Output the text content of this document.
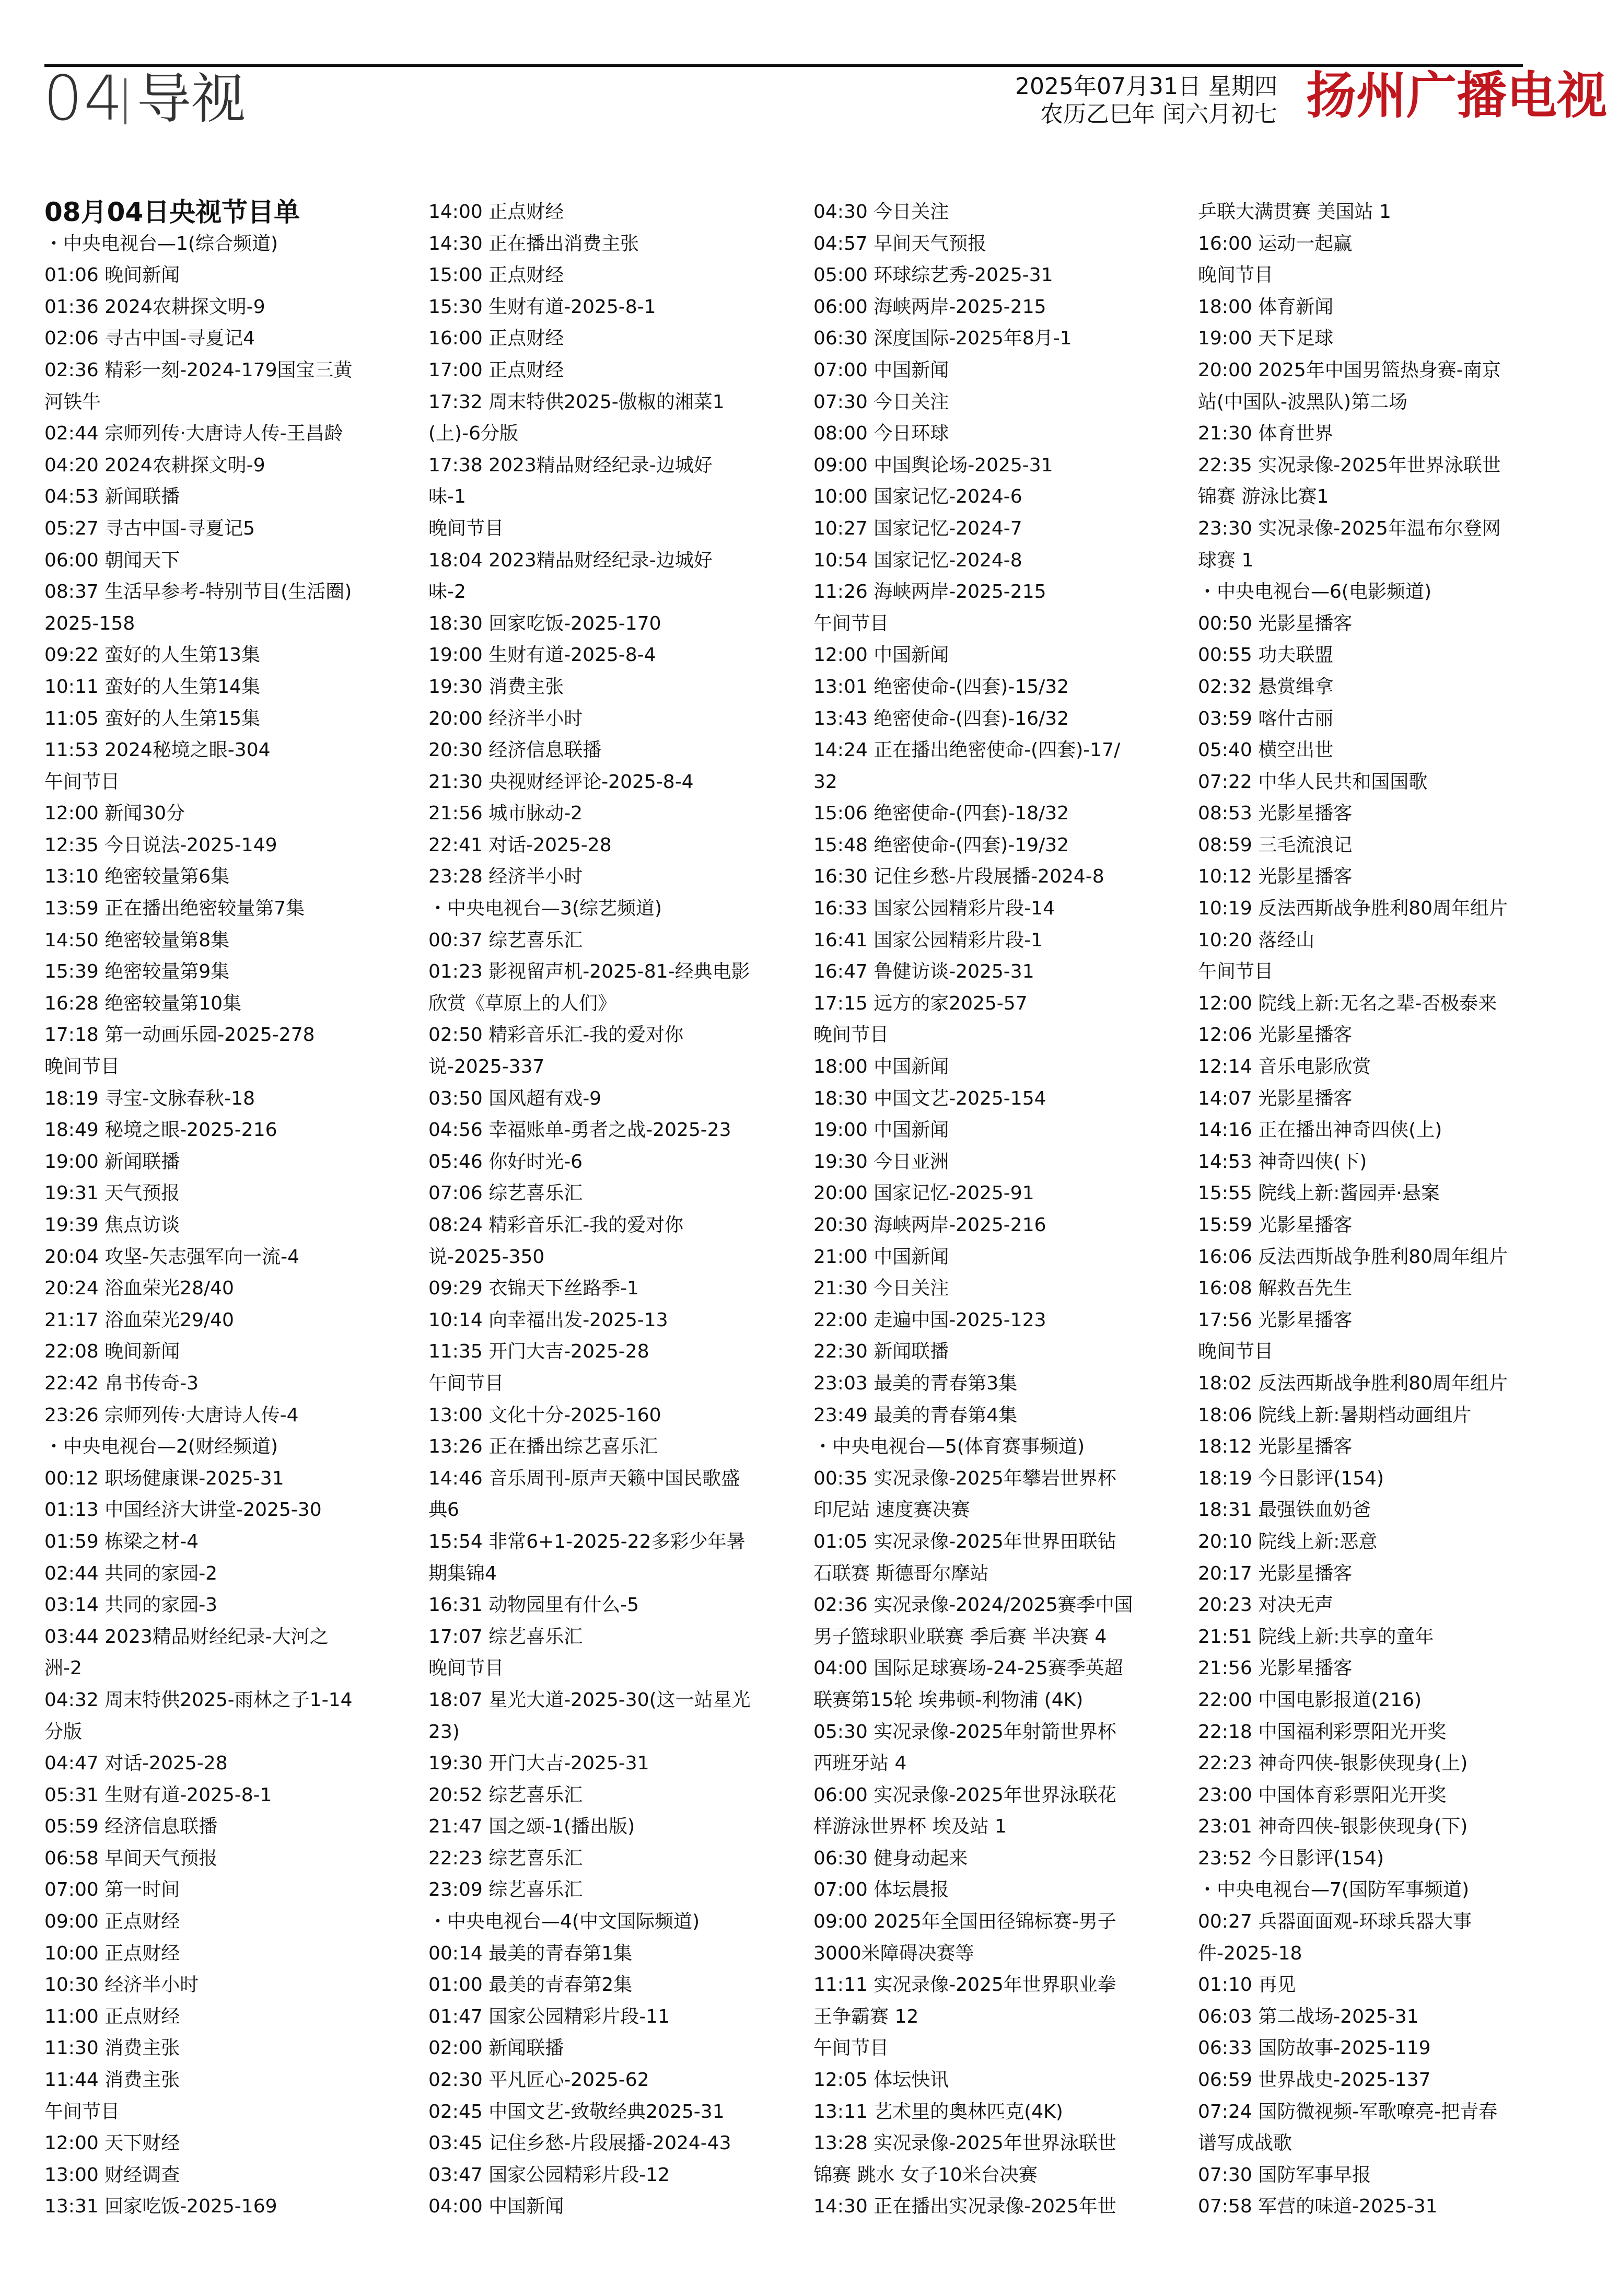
04 导视	2025年07月31日 星期四
农历乙巳年 闰六月初七 扬州广播电视
08月04日央视节目单
・中央电视台—1(综合频道)
01:06 晚间新闻
01:36 2024农耕探文明-9
02:06 寻古中国-寻夏记4
02:36 精彩一刻-2024-179国宝三黄
河铁牛
02:44 宗师列传·大唐诗人传-王昌龄
04:20 2024农耕探文明-9
04:53 新闻联播
05:27 寻古中国-寻夏记5
06:00 朝闻天下
08:37 生活早参考-特别节目(生活圈)
2025-158
09:22 蛮好的人生第13集
10:11 蛮好的人生第14集
11:05 蛮好的人生第15集
11:53 2024秘境之眼-304
午间节目
12:00 新闻30分
12:35 今日说法-2025-149
13:10 绝密较量第6集
13:59 正在播出绝密较量第7集
14:50 绝密较量第8集
15:39 绝密较量第9集
16:28 绝密较量第10集
17:18 第一动画乐园-2025-278
晚间节目
18:19 寻宝-文脉春秋-18
18:49 秘境之眼-2025-216
19:00 新闻联播
19:31 天气预报
19:39 焦点访谈
20:04 攻坚-矢志强军向一流-4
20:24 浴血荣光28/40
21:17 浴血荣光29/40
22:08 晚间新闻
22:42 帛书传奇-3
23:26 宗师列传·大唐诗人传-4
・中央电视台—2(财经频道)
00:12 职场健康课-2025-31
01:13 中国经济大讲堂-2025-30
01:59 栋梁之材-4
02:44 共同的家园-2
03:14 共同的家园-3
03:44 2023精品财经纪录-大河之
洲-2
04:32 周末特供2025-雨林之子1-14
分版
04:47 对话-2025-28
05:31 生财有道-2025-8-1
05:59 经济信息联播
06:58 早间天气预报
07:00 第一时间
09:00 正点财经
10:00 正点财经
10:30 经济半小时
11:00 正点财经
11:30 消费主张
11:44 消费主张
午间节目
12:00 天下财经
13:00 财经调查
13:31 回家吃饭-2025-169
14:00 正点财经
14:30 正在播出消费主张
15:00 正点财经
15:30 生财有道-2025-8-1
16:00 正点财经
17:00 正点财经
17:32 周末特供2025-傲椒的湘菜1
(上)-6分版
17:38 2023精品财经纪录-边城好
味-1
晚间节目
18:04 2023精品财经纪录-边城好
味-2
18:30 回家吃饭-2025-170
19:00 生财有道-2025-8-4
19:30 消费主张
20:00 经济半小时
20:30 经济信息联播
21:30 央视财经评论-2025-8-4
21:56 城市脉动-2
22:41 对话-2025-28
23:28 经济半小时
・中央电视台—3(综艺频道)
00:37 综艺喜乐汇
01:23 影视留声机-2025-81-经典电影
欣赏《草原上的人们》
02:50 精彩音乐汇-我的爱对你
说-2025-337
03:50 国风超有戏-9
04:56 幸福账单-勇者之战-2025-23
05:46 你好时光-6
07:06 综艺喜乐汇
08:24 精彩音乐汇-我的爱对你
说-2025-350
09:29 衣锦天下丝路季-1
10:14 向幸福出发-2025-13
11:35 开门大吉-2025-28
午间节目
13:00 文化十分-2025-160
13:26 正在播出综艺喜乐汇
14:46 音乐周刊-原声天籁中国民歌盛
典6
15:54 非常6+1-2025-22多彩少年暑
期集锦4
16:31 动物园里有什么-5
17:07 综艺喜乐汇
晚间节目
18:07 星光大道-2025-30(这一站星光
23)
19:30 开门大吉-2025-31
20:52 综艺喜乐汇
21:47 国之颂-1(播出版)
22:23 综艺喜乐汇
23:09 综艺喜乐汇
・中央电视台—4(中文国际频道)
00:14 最美的青春第1集
01:00 最美的青春第2集
01:47 国家公园精彩片段-11
02:00 新闻联播
02:30 平凡匠心-2025-62
02:45 中国文艺-致敬经典2025-31
03:45 记住乡愁-片段展播-2024-43
03:47 国家公园精彩片段-12
04:00 中国新闻
04:30 今日关注
04:57 早间天气预报
05:00 环球综艺秀-2025-31
06:00 海峡两岸-2025-215
06:30 深度国际-2025年8月-1
07:00 中国新闻
07:30 今日关注
08:00 今日环球
09:00 中国舆论场-2025-31
10:00 国家记忆-2024-6
10:27 国家记忆-2024-7
10:54 国家记忆-2024-8
11:26 海峡两岸-2025-215
午间节目
12:00 中国新闻
13:01 绝密使命-(四套)-15/32
13:43 绝密使命-(四套)-16/32
14:24 正在播出绝密使命-(四套)-17/
32
15:06 绝密使命-(四套)-18/32
15:48 绝密使命-(四套)-19/32
16:30 记住乡愁-片段展播-2024-8
16:33 国家公园精彩片段-14
16:41 国家公园精彩片段-1
16:47 鲁健访谈-2025-31
17:15 远方的家2025-57
晚间节目
18:00 中国新闻
18:30 中国文艺-2025-154
19:00 中国新闻
19:30 今日亚洲
20:00 国家记忆-2025-91
20:30 海峡两岸-2025-216
21:00 中国新闻
21:30 今日关注
22:00 走遍中国-2025-123
22:30 新闻联播
23:03 最美的青春第3集
23:49 最美的青春第4集
・中央电视台—5(体育赛事频道)
00:35 实况录像-2025年攀岩世界杯
印尼站 速度赛决赛
01:05 实况录像-2025年世界田联钻
石联赛 斯德哥尔摩站
02:36 实况录像-2024/2025赛季中国
男子篮球职业联赛 季后赛 半决赛 4
04:00 国际足球赛场-24-25赛季英超
联赛第15轮 埃弗顿-利物浦 (4K)
05:30 实况录像-2025年射箭世界杯
西班牙站 4
06:00 实况录像-2025年世界泳联花
样游泳世界杯 埃及站 1
06:30 健身动起来
07:00 体坛晨报
09:00 2025年全国田径锦标赛-男子
3000米障碍决赛等
11:11 实况录像-2025年世界职业拳
王争霸赛 12
午间节目
12:05 体坛快讯
13:11 艺术里的奥林匹克(4K)
13:28 实况录像-2025年世界泳联世
锦赛 跳水 女子10米台决赛
14:30 正在播出实况录像-2025年世
乒联大满贯赛 美国站 1
16:00 运动一起赢
晚间节目
18:00 体育新闻
19:00 天下足球
20:00 2025年中国男篮热身赛-南京
站(中国队-波黑队)第二场
21:30 体育世界
22:35 实况录像-2025年世界泳联世
锦赛 游泳比赛1
23:30 实况录像-2025年温布尔登网
球赛 1
・中央电视台—6(电影频道)
00:50 光影星播客
00:55 功夫联盟
02:32 悬赏缉拿
03:59 喀什古丽
05:40 横空出世
07:22 中华人民共和国国歌
08:53 光影星播客
08:59 三毛流浪记
10:12 光影星播客
10:19 反法西斯战争胜利80周年组片
10:20 落经山
午间节目
12:00 院线上新:无名之辈-否极泰来
12:06 光影星播客
12:14 音乐电影欣赏
14:07 光影星播客
14:16 正在播出神奇四侠(上)
14:53 神奇四侠(下)
15:55 院线上新:酱园弄·悬案
15:59 光影星播客
16:06 反法西斯战争胜利80周年组片
16:08 解救吾先生
17:56 光影星播客
晚间节目
18:02 反法西斯战争胜利80周年组片
18:06 院线上新:暑期档动画组片
18:12 光影星播客
18:19 今日影评(154)
18:31 最强铁血奶爸
20:10 院线上新:恶意
20:17 光影星播客
20:23 对决无声
21:51 院线上新:共享的童年
21:56 光影星播客
22:00 中国电影报道(216)
22:18 中国福利彩票阳光开奖
22:23 神奇四侠-银影侠现身(上)
23:00 中国体育彩票阳光开奖
23:01 神奇四侠-银影侠现身(下)
23:52 今日影评(154)
・中央电视台—7(国防军事频道)
00:27 兵器面面观-环球兵器大事
件-2025-18
01:10 再见
06:03 第二战场-2025-31
06:33 国防故事-2025-119
06:59 世界战史-2025-137
07:24 国防微视频-军歌嘹亮-把青春
谱写成战歌
07:30 国防军事早报
07:58 军营的味道-2025-31
